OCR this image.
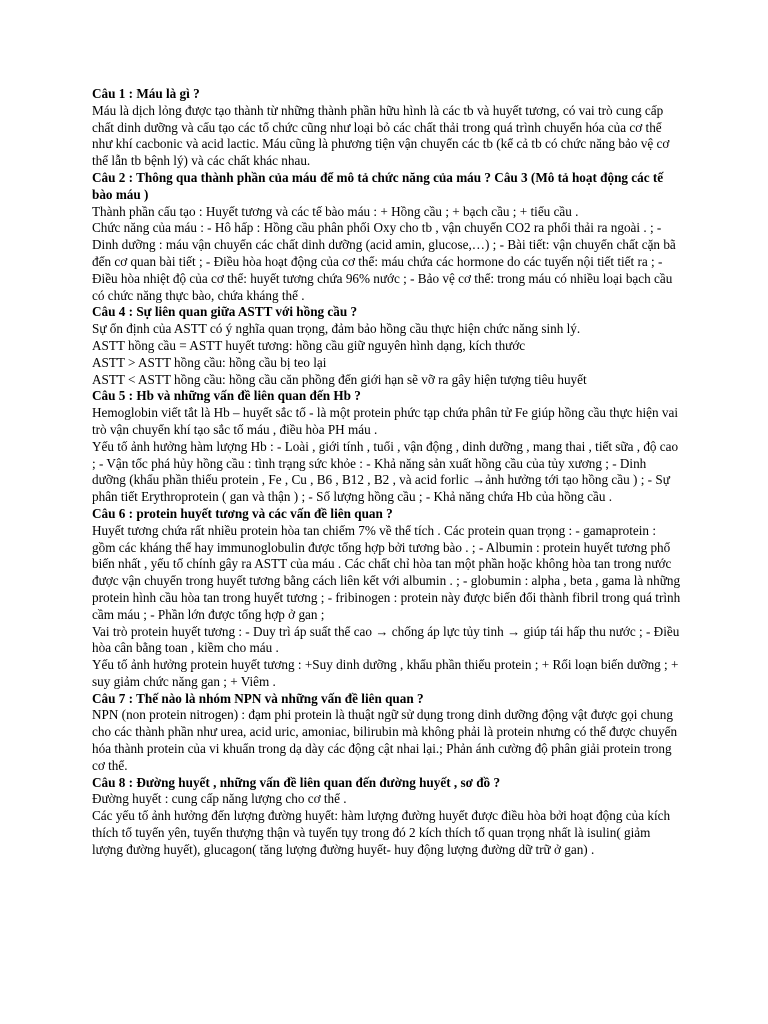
Câu 1 : Máu là gì ?

Máu là dịch lỏng được tạo thành từ những thành phần hữu hình là các tb và huyết tương, có vai trò cung cấp chất dinh dưỡng và cấu tạo các tổ chức cũng như loại bỏ các chất thải trong quá trình chuyển hóa của cơ thể như khí cacbonic và acid lactic. Máu cũng là phương tiện vận chuyển các tb (kể cả tb có chức năng bảo vệ cơ thể lẫn tb bệnh lý) và các chất khác nhau.

Câu 2 : Thông qua thành phần của máu để mô tả chức năng của máu ? Câu 3 (Mô tả hoạt động các tế bào máu )

Thành phần cấu tạo : Huyết tương và các tế bào máu : + Hồng cầu ; + bạch cầu ; + tiểu cầu .

Chức năng của máu : - Hô hấp : Hồng cầu phân phối Oxy cho tb , vận chuyển CO2 ra phổi thải ra ngoài . ; -Dinh dưỡng : máu vận chuyển các chất dinh dưỡng (acid amin, glucose,…) ; - Bài tiết: vận chuyển chất cặn bã đến cơ quan bài tiết ; - Điều hòa hoạt động của cơ thể: máu chứa các hormone do các tuyến nội tiết tiết ra ; - Điều hòa nhiệt độ của cơ thể: huyết tương chứa 96% nước ; - Bảo vệ cơ thể: trong máu có nhiều loại bạch cầu có chức năng thực bào, chứa kháng thể .

Câu 4 : Sự liên quan giữa ASTT với hồng cầu ?

Sự ổn định của ASTT có ý nghĩa quan trọng, đảm bảo hồng cầu thực hiện chức năng sinh lý.

ASTT hồng cầu = ASTT huyết tương: hồng cầu giữ nguyên hình dạng, kích thước

ASTT > ASTT hồng cầu: hồng cầu bị teo lại

ASTT < ASTT hồng cầu: hồng cầu căn phồng đến giới hạn sẽ vỡ ra gây hiện tượng tiêu huyết

Câu 5 : Hb và những vấn đề liên quan đến Hb ?

Hemoglobin viết tắt là Hb – huyết sắc tố - là một protein phức tạp chứa phân tử Fe giúp hồng cầu thực hiện vai trò vận chuyển khí tạo sắc tố máu , điều hòa PH máu .

Yếu tố ảnh hưởng hàm lượng Hb : - Loài , giới tính , tuổi , vận động , dinh dưỡng , mang thai , tiết sữa , độ cao ; - Vận tốc phá hủy hồng cầu : tình trạng sức khỏe : - Khả năng sản xuất hồng cầu của tủy xương ; - Dinh dưỡng (khẩu phần thiếu protein , Fe , Cu , B6 , B12 , B2 , và acid forlic →ảnh hưởng tới tạo hồng cầu ) ; - Sự phân tiết Erythroprotein ( gan và thận ) ; - Số lượng hồng cầu ; - Khả năng chứa Hb của hồng cầu .

Câu 6 : protein huyết tương và các vấn đề liên quan ?

Huyết tương chứa rất nhiều protein hòa tan chiếm 7% về thể tích . Các protein quan trọng : - gamaprotein : gồm các kháng thể hay immunoglobulin được tổng hợp bởi tương bào . ; - Albumin : protein huyết tương phổ biến nhất , yếu tố chính gây ra ASTT của máu . Các chất chỉ hòa tan một phần hoặc không hòa tan trong nước được vận chuyển trong huyết tương bằng cách liên kết với albumin . ; - globumin : alpha , beta , gama là những protein hình cầu hòa tan trong huyết tương ; - fribinogen : protein này được biến đổi thành fibril trong quá trình cầm máu ; - Phần lớn được tổng hợp ở gan ;

Vai trò protein huyết tương : - Duy trì áp suất thể cao → chống áp lực tủy tinh → giúp tái hấp thu nước ; - Điều hòa cân bằng toan , kiềm cho máu .

Yếu tố ảnh hưởng protein huyết tương : +Suy dinh dưỡng , khẩu phần thiếu protein ; + Rối loạn biến dưỡng ; + suy giảm chức năng gan ; + Viêm .

Câu 7 : Thế nào là nhóm NPN và những vấn đề liên quan ?

NPN (non protein nitrogen) : đạm phi protein là thuật ngữ sử dụng trong dinh dưỡng động vật được gọi chung cho các thành phần như urea, acid uric, amoniac, bilirubin mà không phải là protein nhưng có thể được chuyển hóa thành protein của vi khuẩn trong dạ dày các động cật nhai lại.; Phản ánh cường độ phân giải protein trong cơ thể.

Câu 8 : Đường huyết , những vấn đề liên quan đến đường huyết , sơ đồ ?

Đường huyết : cung cấp năng lượng cho cơ thể .

Các yếu tố ảnh hưởng đến lượng đường huyết: hàm lượng đường huyết được điều hòa bởi hoạt động của kích thích tố tuyến yên, tuyến thượng thận và tuyến tụy trong đó 2 kích thích tố quan trọng nhất là isulin( giảm lượng đường huyết), glucagon( tăng lượng đường huyết- huy động lượng đường dữ trữ ở gan) .
